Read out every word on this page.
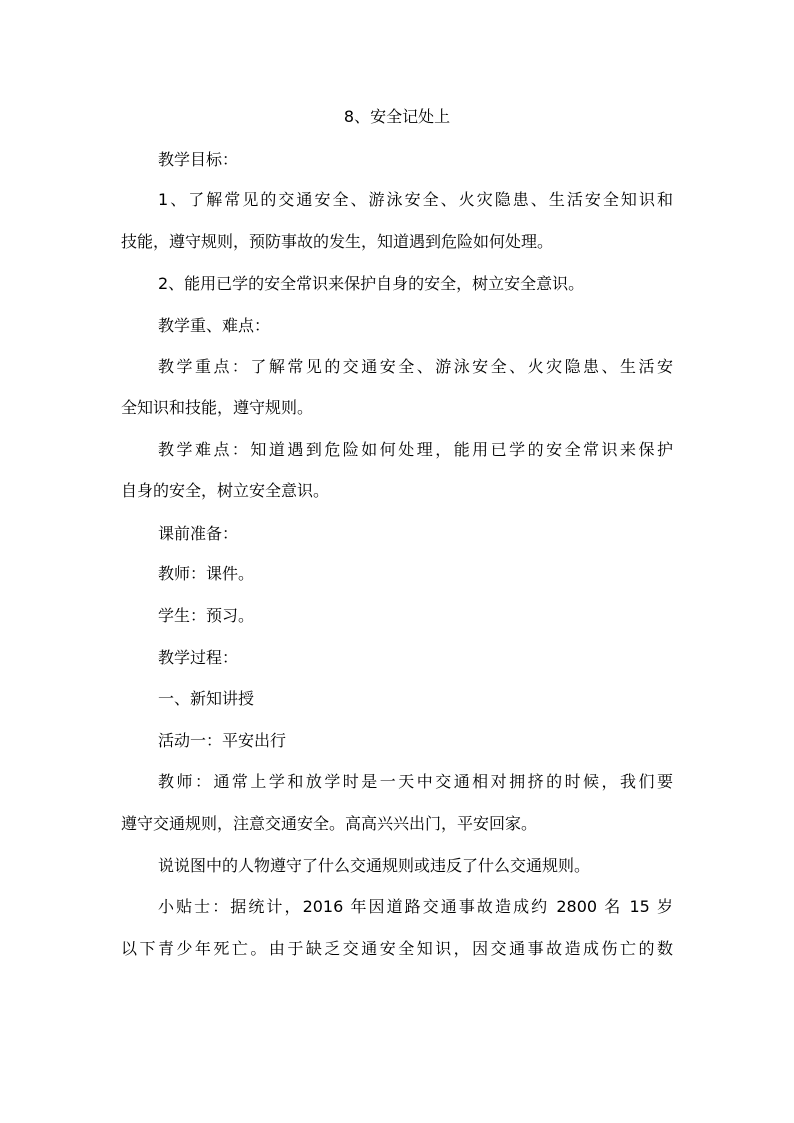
8、安全记处上
教学目标：
1、了解常见的交通安全、游泳安全、火灾隐患、生活安全知识和
技能，遵守规则，预防事故的发生，知道遇到危险如何处理。
2、能用已学的安全常识来保护自身的安全，树立安全意识。
教学重、难点：
教学重点：了解常见的交通安全、游泳安全、火灾隐患、生活安
全知识和技能，遵守规则。
教学难点：知道遇到危险如何处理，能用已学的安全常识来保护
自身的安全，树立安全意识。
课前准备：
教师：课件。
学生：预习。
教学过程：
一、新知讲授
活动一：平安出行
教师：通常上学和放学时是一天中交通相对拥挤的时候，我们要
遵守交通规则，注意交通安全。高高兴兴出门，平安回家。
说说图中的人物遵守了什么交通规则或违反了什么交通规则。
小贴士：据统计，2016 年因道路交通事故造成约 2800 名 15 岁
以下青少年死亡。由于缺乏交通安全知识，因交通事故造成伤亡的数
